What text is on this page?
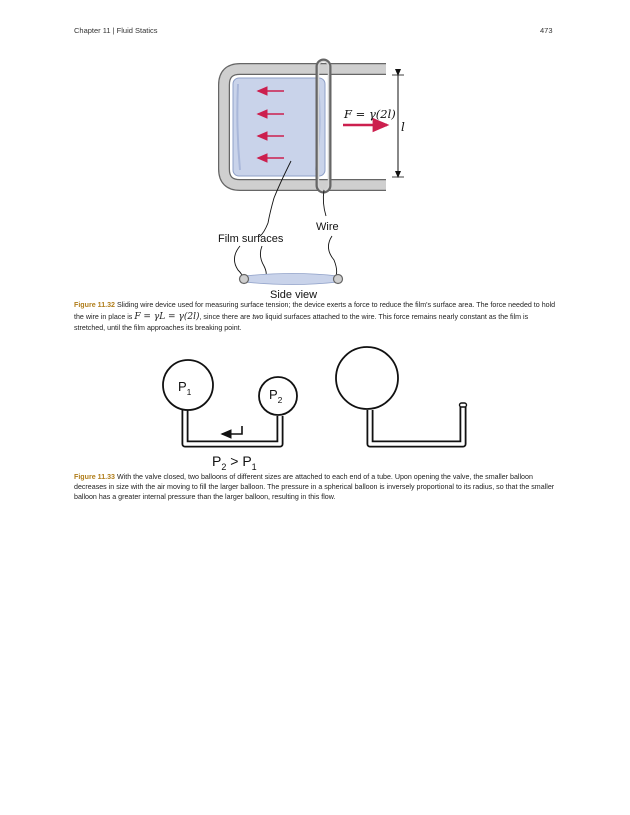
Chapter 11 | Fluid Statics	473
F = γ(2l)
l
Wire
Film surfaces
Side view
Figure 11.32 Sliding wire device used for measuring surface tension; the device exerts a force to reduce the film's surface area. The force needed to hold the wire in place is F = γL = γ(2l), since there are two liquid surfaces attached to the wire. This force remains nearly constant as the film is stretched, until the film approaches its breaking point.
$P_1$	$P_2$
$P_2 > P_1$
Figure 11.33 With the valve closed, two balloons of different sizes are attached to each end of a tube. Upon opening the valve, the smaller balloon decreases in size with the air moving to fill the larger balloon. The pressure in a spherical balloon is inversely proportional to its radius, so that the smaller balloon has a greater internal pressure than the larger balloon, resulting in this flow.
